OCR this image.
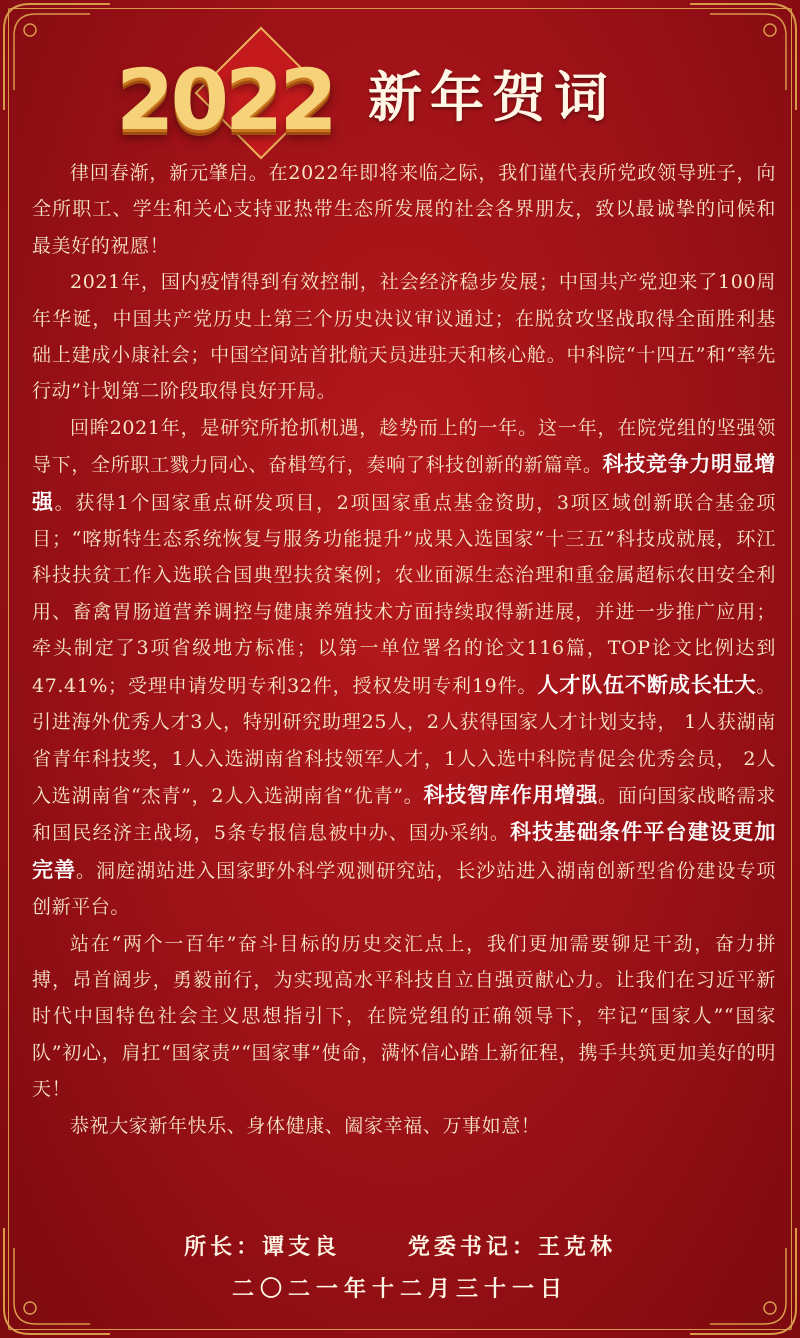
2022 新年贺词

律回春渐，新元肇启。在2022年即将来临之际，我们谨代表所党政领导班子，向全所职工、学生和关心支持亚热带生态所发展的社会各界朋友，致以最诚挚的问候和最美好的祝愿！

2021年，国内疫情得到有效控制，社会经济稳步发展；中国共产党迎来了100周年华诞，中国共产党历史上第三个历史决议审议通过；在脱贫攻坚战取得全面胜利基础上建成小康社会；中国空间站首批航天员进驻天和核心舱。中科院“十四五”和“率先行动”计划第二阶段取得良好开局。

回眸2021年，是研究所抢抓机遇，趁势而上的一年。这一年，在院党组的坚强领导下，全所职工戮力同心、奋楫笃行，奏响了科技创新的新篇章。科技竞争力明显增强。获得1个国家重点研发项目，2项国家重点基金资助，3项区域创新联合基金项目；“喀斯特生态系统恢复与服务功能提升”成果入选国家“十三五”科技成就展，环江科技扶贫工作入选联合国典型扶贫案例；农业面源生态治理和重金属超标农田安全利用、畜禽胃肠道营养调控与健康养殖技术方面持续取得新进展，并进一步推广应用；牵头制定了3项省级地方标准；以第一单位署名的论文116篇，TOP论文比例达到47.41%；受理申请发明专利32件，授权发明专利19件。人才队伍不断成长壮大。引进海外优秀人才3人，特别研究助理25人，2人获得国家人才计划支持， 1人获湖南省青年科技奖，1人入选湖南省科技领军人才，1人入选中科院青促会优秀会员， 2人入选湖南省“杰青”，2人入选湖南省“优青”。科技智库作用增强。面向国家战略需求和国民经济主战场，5条专报信息被中办、国办采纳。科技基础条件平台建设更加完善。洞庭湖站进入国家野外科学观测研究站，长沙站进入湖南创新型省份建设专项创新平台。

站在“两个一百年”奋斗目标的历史交汇点上，我们更加需要铆足干劲，奋力拼搏，昂首阔步，勇毅前行，为实现高水平科技自立自强贡献心力。让我们在习近平新时代中国特色社会主义思想指引下，在院党组的正确领导下，牢记“国家人”“国家队”初心，肩扛“国家责”“国家事”使命，满怀信心踏上新征程，携手共筑更加美好的明天！

恭祝大家新年快乐、身体健康、阖家幸福、万事如意！

所长：谭支良	党委书记：王克林
二〇二一年十二月三十一日
